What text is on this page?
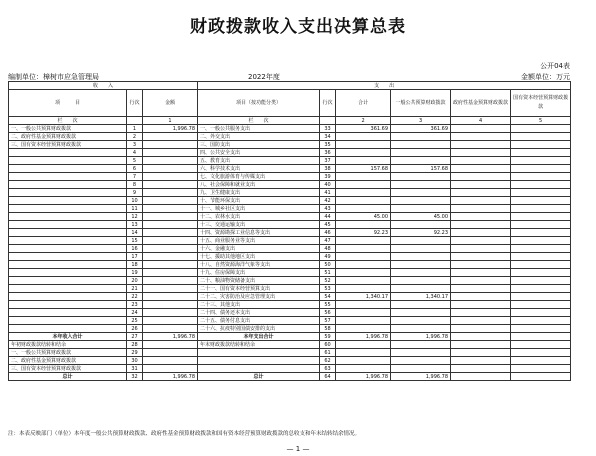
财政拨款收入支出决算总表
公开04表
编制单位：樟树市应急管理局	2022年度	金额单位：万元
收　　入			支　　出					
项　　　目	行次	金额	项目（按功能分类）	行次	合计	一般公共预算财政拨款	政府性基金预算财政拨款	国有资本经营预算财政拨款
栏　　次		1	栏　　次		2	3	4	5
一、一般公共预算财政拨款	1	1,996.78	一、一般公共服务支出	33	361.69	361.69		
二、政府性基金预算财政拨款	2		二、外交支出	34				
三、国有资本经营预算财政拨款	3		三、国防支出	35				
	4		四、公共安全支出	36				
	5		五、教育支出	37				
	6		六、科学技术支出	38	157.68	157.68		
	7		七、文化旅游体育与传媒支出	39				
	8		八、社会保障和就业支出	40				
	9		九、卫生健康支出	41				
	10		十、节能环保支出	42				
	11		十一、城乡社区支出	43				
	12		十二、农林水支出	44	45.00	45.00		
	13		十三、交通运输支出	45				
	14		十四、资源勘探工业信息等支出	46	92.23	92.23		
	15		十五、商业服务业等支出	47				
	16		十六、金融支出	48				
	17		十七、援助其他地区支出	49				
	18		十八、自然资源海洋气象等支出	50				
	19		十九、住房保障支出	51				
	20		二十、粮油物资储备支出	52				
	21		二十一、国有资本经营预算支出	53				
	22		二十二、灾害防治及应急管理支出	54	1,340.17	1,340.17		
	23		二十三、其他支出	55				
	24		二十四、债务还本支出	56				
	25		二十五、债务付息支出	57				
	26		二十六、抗疫特别国债安排的支出	58				
本年收入合计	27	1,996.78	本年支出合计	59	1,996.78	1,996.78		
年初财政拨款结转和结余	28		年末财政拨款结转和结余	60				
一、一般公共预算财政拨款	29			61				
二、政府性基金预算财政拨款	30			62				
三、国有资本经营预算财政拨款	31			63				
总计	32	1,996.78	总计	64	1,996.78	1,996.78		
注：本表反映部门（单位）本年度一般公共预算财政拨款、政府性基金预算财政拨款和国有资本经营预算财政拨款的总收支和年末结转结余情况。
— 1 —
